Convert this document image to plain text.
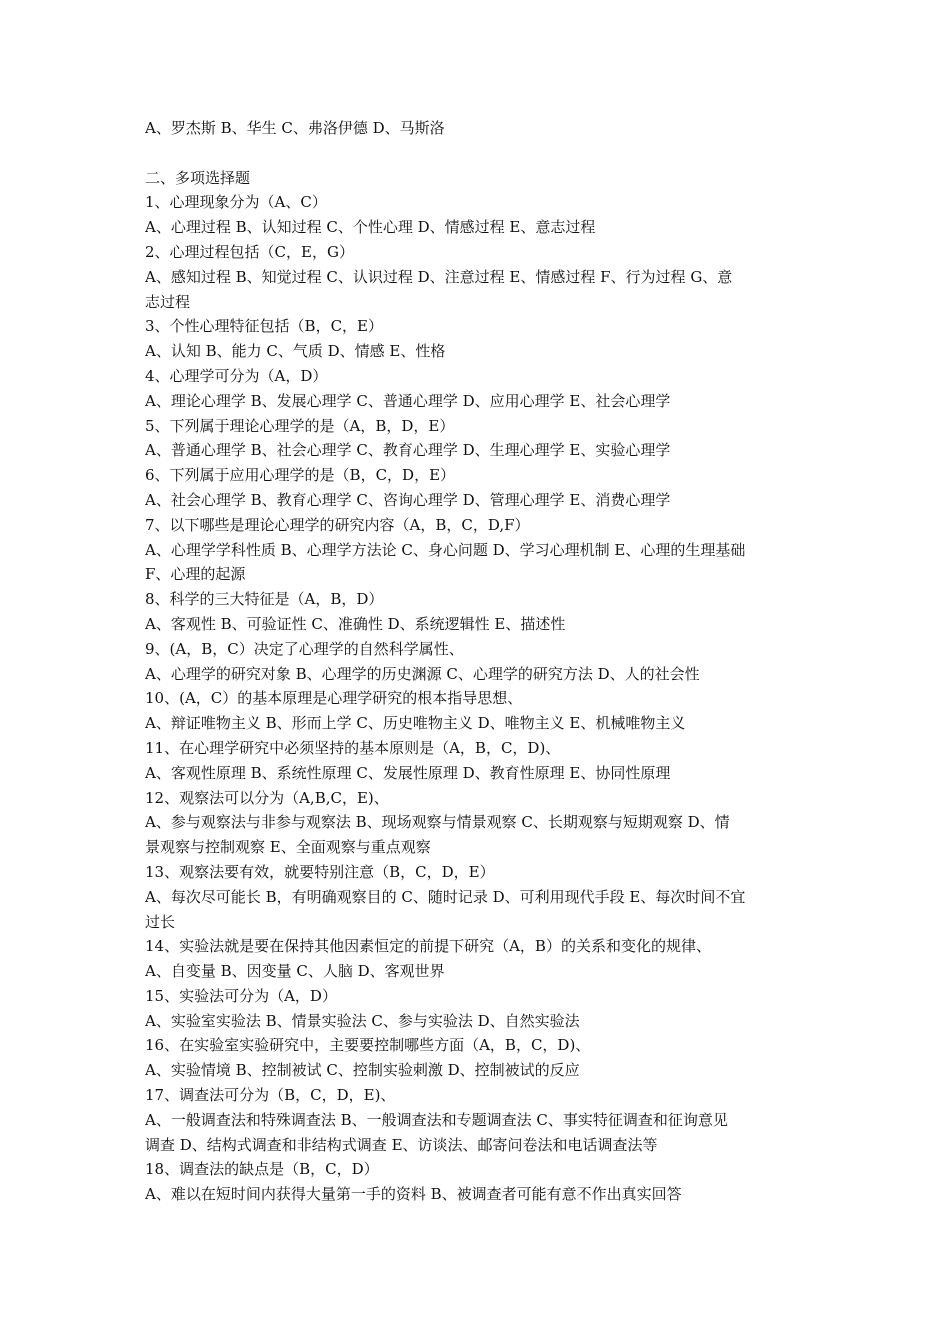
A、罗杰斯 B、华生 C、弗洛伊德 D、马斯洛

二、多项选择题

1、心理现象分为（A、C）

A、心理过程 B、认知过程 C、个性心理 D、情感过程 E、意志过程

2、心理过程包括（C，E，G）

A、感知过程 B、知觉过程 C、认识过程 D、注意过程 E、情感过程 F、行为过程 G、意

志过程

3、个性心理特征包括（B，C，E）

A、认知 B、能力 C、气质 D、情感 E、性格

4、心理学可分为（A，D）

A、理论心理学 B、发展心理学 C、普通心理学 D、应用心理学 E、社会心理学

5、下列属于理论心理学的是（A，B，D，E）

A、普通心理学 B、社会心理学 C、教育心理学 D、生理心理学 E、实验心理学

6、下列属于应用心理学的是（B，C，D，E）

A、社会心理学 B、教育心理学 C、咨询心理学 D、管理心理学 E、消费心理学

7、以下哪些是理论心理学的研究内容（A，B，C，D,F）

A、心理学学科性质 B、心理学方法论 C、身心问题 D、学习心理机制 E、心理的生理基础

F、心理的起源

8、科学的三大特征是（A，B，D）

A、客观性 B、可验证性 C、准确性 D、系统逻辑性 E、描述性

9、(A，B，C）决定了心理学的自然科学属性、

A、心理学的研究对象 B、心理学的历史渊源 C、心理学的研究方法 D、人的社会性

10、(A，C）的基本原理是心理学研究的根本指导思想、

A、辩证唯物主义 B、形而上学 C、历史唯物主义 D、唯物主义 E、机械唯物主义

11、在心理学研究中必须坚持的基本原则是（A，B，C，D)、

A、客观性原理 B、系统性原理 C、发展性原理 D、教育性原理 E、协同性原理

12、观察法可以分为（A,B,C，E)、

A、参与观察法与非参与观察法 B、现场观察与情景观察 C、长期观察与短期观察 D、情

景观察与控制观察 E、全面观察与重点观察

13、观察法要有效，就要特别注意（B，C，D，E）

A、每次尽可能长 B，有明确观察目的 C、随时记录 D、可利用现代手段 E、每次时间不宜

过长

14、实验法就是要在保持其他因素恒定的前提下研究（A，B）的关系和变化的规律、

A、自变量 B、因变量 C、人脑 D、客观世界

15、实验法可分为（A，D）

A、实验室实验法 B、情景实验法 C、参与实验法 D、自然实验法

16、在实验室实验研究中，主要要控制哪些方面（A，B，C，D)、

A、实验情境 B、控制被试 C、控制实验刺激 D、控制被试的反应

17、调查法可分为（B，C，D，E)、

A、一般调查法和特殊调查法 B、一般调查法和专题调查法 C、事实特征调查和征询意见

调查 D、结构式调查和非结构式调查 E、访谈法、邮寄问卷法和电话调查法等

18、调查法的缺点是（B，C，D）

A、难以在短时间内获得大量第一手的资料 B、被调查者可能有意不作出真实回答
